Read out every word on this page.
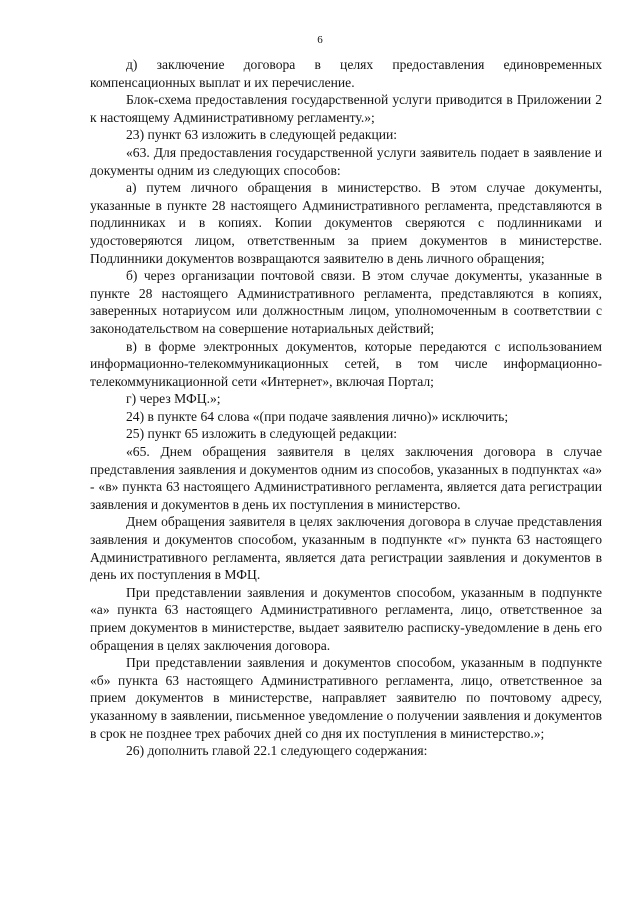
6

д) заключение договора в целях предоставления единовременных компенсационных выплат и их перечисление.

Блок-схема предоставления государственной услуги приводится в Приложении 2 к настоящему Административному регламенту.»;

23) пункт 63 изложить в следующей редакции:

«63. Для предоставления государственной услуги заявитель подает в заявление и документы одним из следующих способов:

а) путем личного обращения в министерство. В этом случае документы, указанные в пункте 28 настоящего Административного регламента, представляются в подлинниках и в копиях. Копии документов сверяются с подлинниками и удостоверяются лицом, ответственным за прием документов в министерстве. Подлинники документов возвращаются заявителю в день личного обращения;

б) через организации почтовой связи. В этом случае документы, указанные в пункте 28 настоящего Административного регламента, представляются в копиях, заверенных нотариусом или должностным лицом, уполномоченным в соответствии с законодательством на совершение нотариальных действий;

в) в форме электронных документов, которые передаются с использованием информационно-телекоммуникационных сетей, в том числе информационно-телекоммуникационной сети «Интернет», включая Портал;

г) через МФЦ.»;

24) в пункте 64 слова «(при подаче заявления лично)» исключить;

25) пункт 65 изложить в следующей редакции:

«65. Днем обращения заявителя в целях заключения договора в случае представления заявления и документов одним из способов, указанных в подпунктах «а» - «в» пункта 63 настоящего Административного регламента, является дата регистрации заявления и документов в день их поступления в министерство.

Днем обращения заявителя в целях заключения договора в случае представления заявления и документов способом, указанным в подпункте «г» пункта 63 настоящего Административного регламента, является дата регистрации заявления и документов в день их поступления в МФЦ.

При представлении заявления и документов способом, указанным в подпункте «а» пункта 63 настоящего Административного регламента, лицо, ответственное за прием документов в министерстве, выдает заявителю расписку-уведомление в день его обращения в целях заключения договора.

При представлении заявления и документов способом, указанным в подпункте «б» пункта 63 настоящего Административного регламента, лицо, ответственное за прием документов в министерстве, направляет заявителю по почтовому адресу, указанному в заявлении, письменное уведомление о получении заявления и документов в срок не позднее трех рабочих дней со дня их поступления в министерство.»;

26) дополнить главой 22.1 следующего содержания:
